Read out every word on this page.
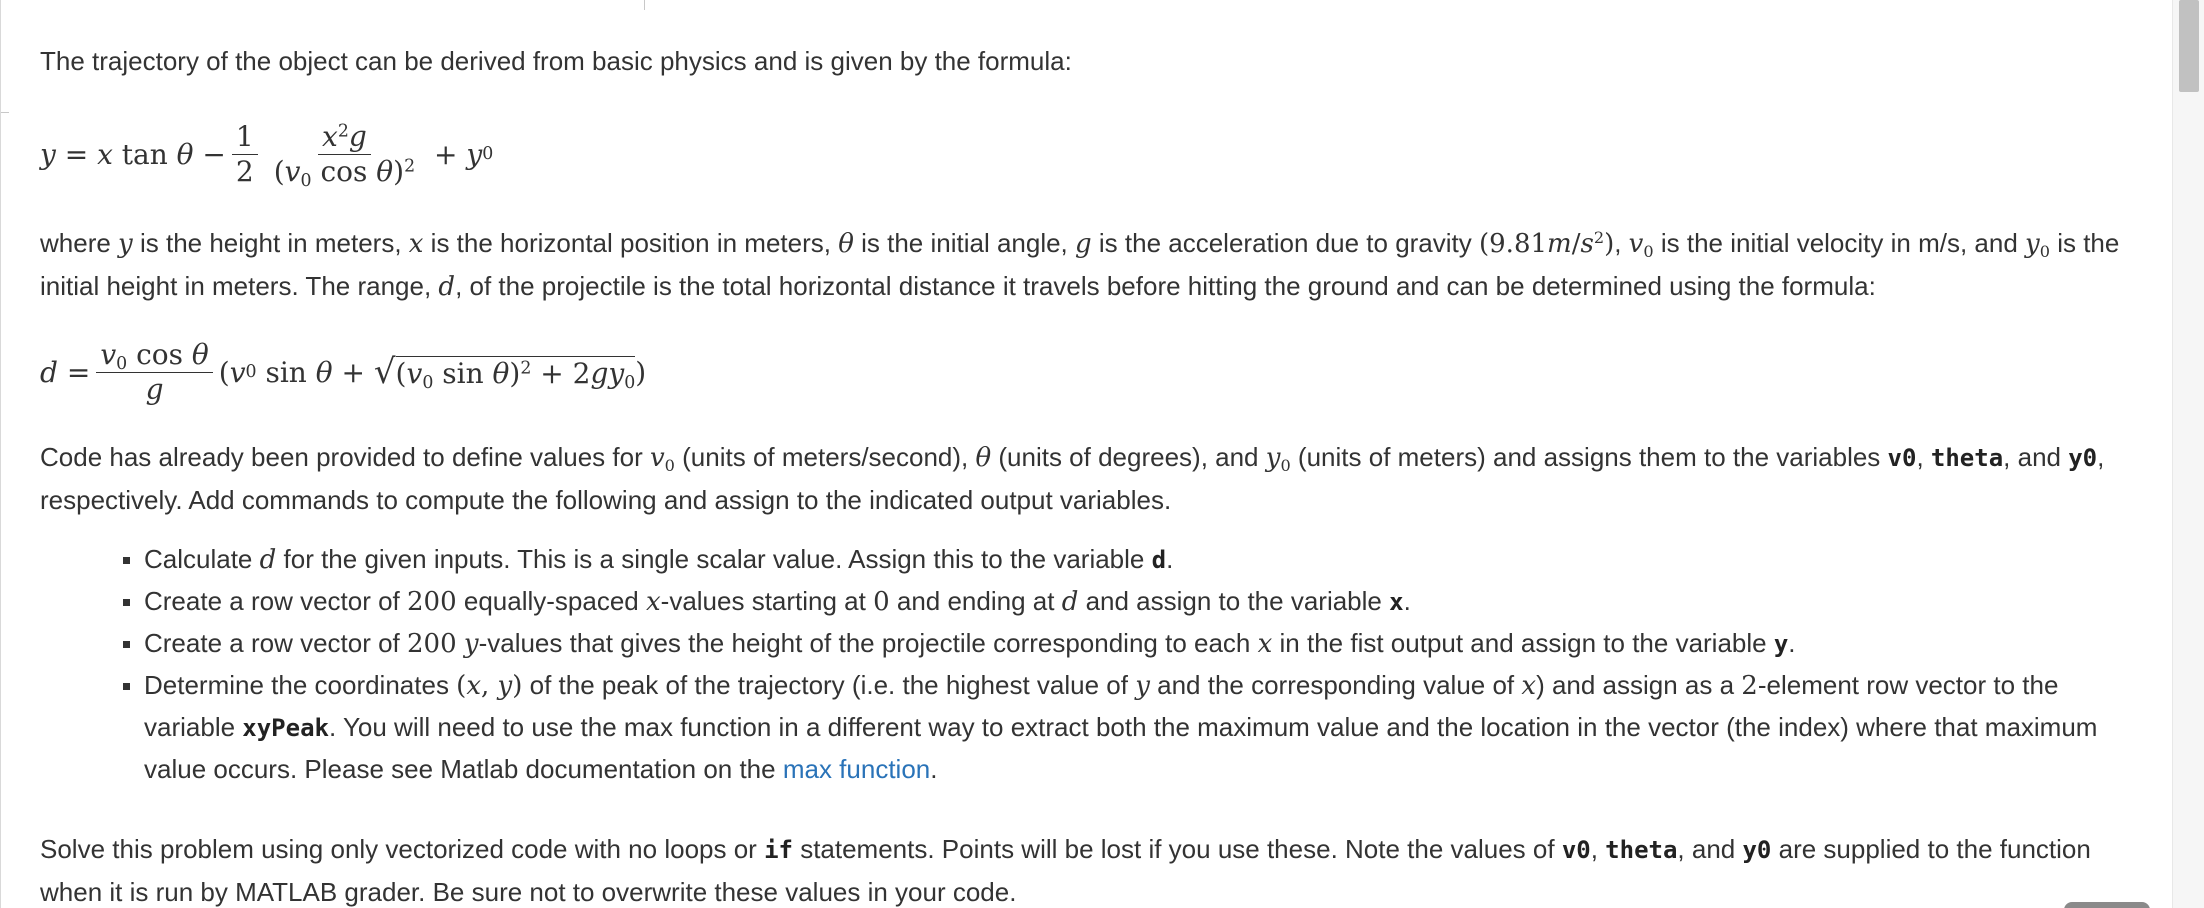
The trajectory of the object can be derived from basic physics and is given by the formula:

y = x $\tan \theta - \frac{1}{2} \frac{x^2g}{(v_0 \cos \theta)^2} + y$ 0

where y is the height in meters, x is the horizontal position in meters, θ is the initial angle, g is the acceleration due to gravity $(9.81m/s^2)$, $v_0$ is the initial velocity in m/s, and $y_0$ is the initial height in meters. The range, d, of the projectile is the total horizontal distance it travels before hitting the ground and can be determined using the formula:

$d = \frac{v_0 \cos \theta}{g}$ ( v 0 sin θ + √ ($v_0$ $\sin \theta)^2 + 2gy_0$ )

Code has already been provided to define values for $v_0$ (units of meters/second), θ (units of degrees), and $y_0$ (units of meters) and assigns them to the variables v0, theta, and y0, respectively. Add commands to compute the following and assign to the indicated output variables.

Calculate d for the given inputs. This is a single scalar value. Assign this to the variable d.
Create a row vector of 200 equally-spaced x-values starting at 0 and ending at d and assign to the variable x.
Create a row vector of 200 y-values that gives the height of the projectile corresponding to each x in the fist output and assign to the variable y.
Determine the coordinates (x, y) of the peak of the trajectory (i.e. the highest value of y and the corresponding value of x) and assign as a 2-element row vector to the variable xyPeak. You will need to use the max function in a different way to extract both the maximum value and the location in the vector (the index) where that maximum value occurs. Please see Matlab documentation on the max function.

Solve this problem using only vectorized code with no loops or if statements. Points will be lost if you use these. Note the values of v0, theta, and y0 are supplied to the function when it is run by MATLAB grader. Be sure not to overwrite these values in your code.
